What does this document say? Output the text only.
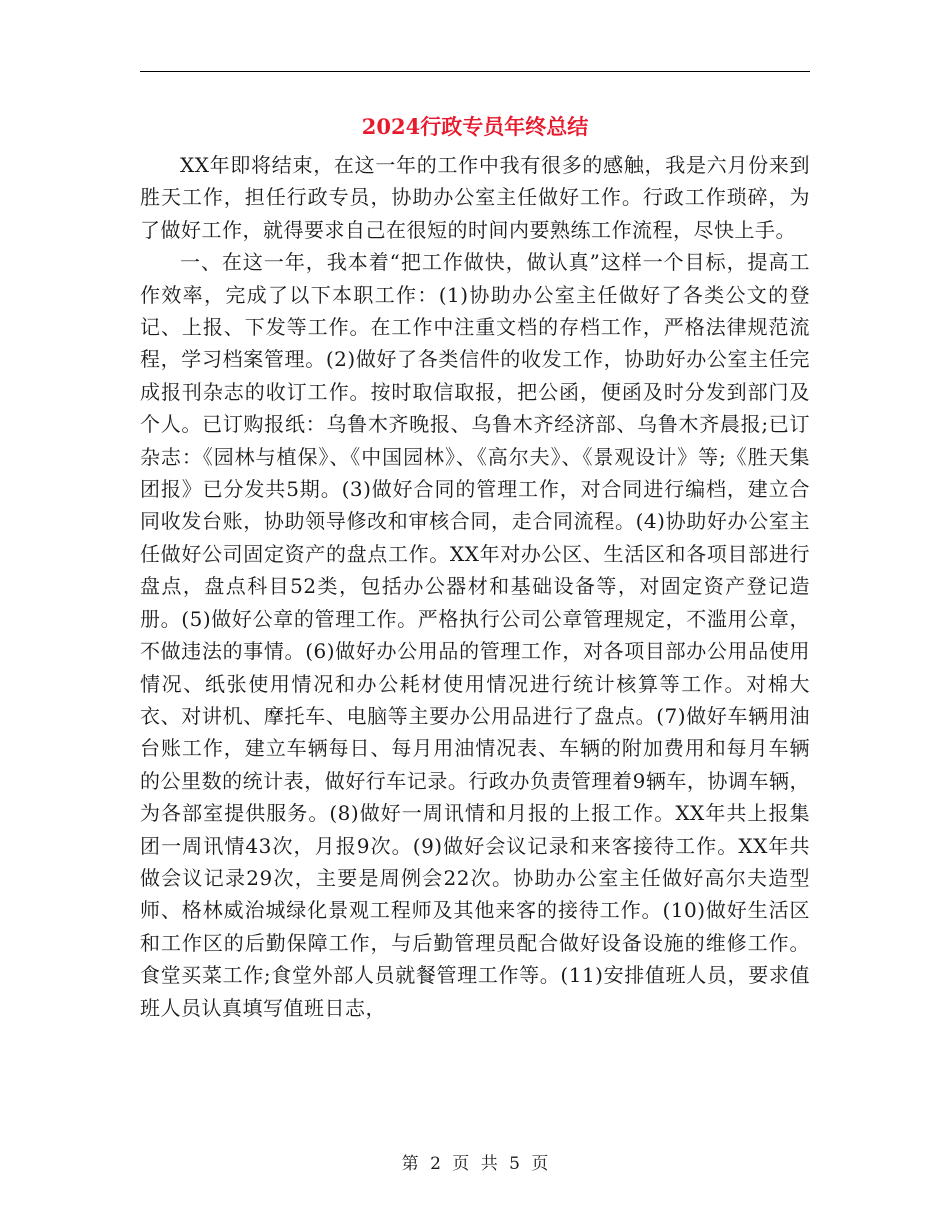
2024行政专员年终总结

XX年即将结束，在这一年的工作中我有很多的感触，我是六月份来到胜天工作，担任行政专员，协助办公室主任做好工作。行政工作琐碎，为了做好工作，就得要求自己在很短的时间内要熟练工作流程，尽快上手。

一、在这一年，我本着“把工作做快，做认真”这样一个目标，提高工作效率，完成了以下本职工作：(1)协助办公室主任做好了各类公文的登记、上报、下发等工作。在工作中注重文档的存档工作，严格法律规范流程，学习档案管理。(2)做好了各类信件的收发工作，协助好办公室主任完成报刊杂志的收订工作。按时取信取报，把公函，便函及时分发到部门及个人。已订购报纸：乌鲁木齐晚报、乌鲁木齐经济部、乌鲁木齐晨报;已订杂志：《园林与植保》、《中国园林》、《高尔夫》、《景观设计》等;《胜天集团报》已分发共5期。(3)做好合同的管理工作，对合同进行编档，建立合同收发台账，协助领导修改和审核合同，走合同流程。(4)协助好办公室主任做好公司固定资产的盘点工作。XX年对办公区、生活区和各项目部进行盘点，盘点科目52类，包括办公器材和基础设备等，对固定资产登记造册。(5)做好公章的管理工作。严格执行公司公章管理规定，不滥用公章，不做违法的事情。(6)做好办公用品的管理工作，对各项目部办公用品使用情况、纸张使用情况和办公耗材使用情况进行统计核算等工作。对棉大衣、对讲机、摩托车、电脑等主要办公用品进行了盘点。(7)做好车辆用油台账工作，建立车辆每日、每月用油情况表、车辆的附加费用和每月车辆的公里数的统计表，做好行车记录。行政办负责管理着9辆车，协调车辆，为各部室提供服务。(8)做好一周讯情和月报的上报工作。XX年共上报集团一周讯情43次，月报9次。(9)做好会议记录和来客接待工作。XX年共做会议记录29次，主要是周例会22次。协助办公室主任做好高尔夫造型师、格林威治城绿化景观工程师及其他来客的接待工作。(10)做好生活区和工作区的后勤保障工作，与后勤管理员配合做好设备设施的维修工作。食堂买菜工作;食堂外部人员就餐管理工作等。(11)安排值班人员，要求值班人员认真填写值班日志，

第 2 页 共 5 页
